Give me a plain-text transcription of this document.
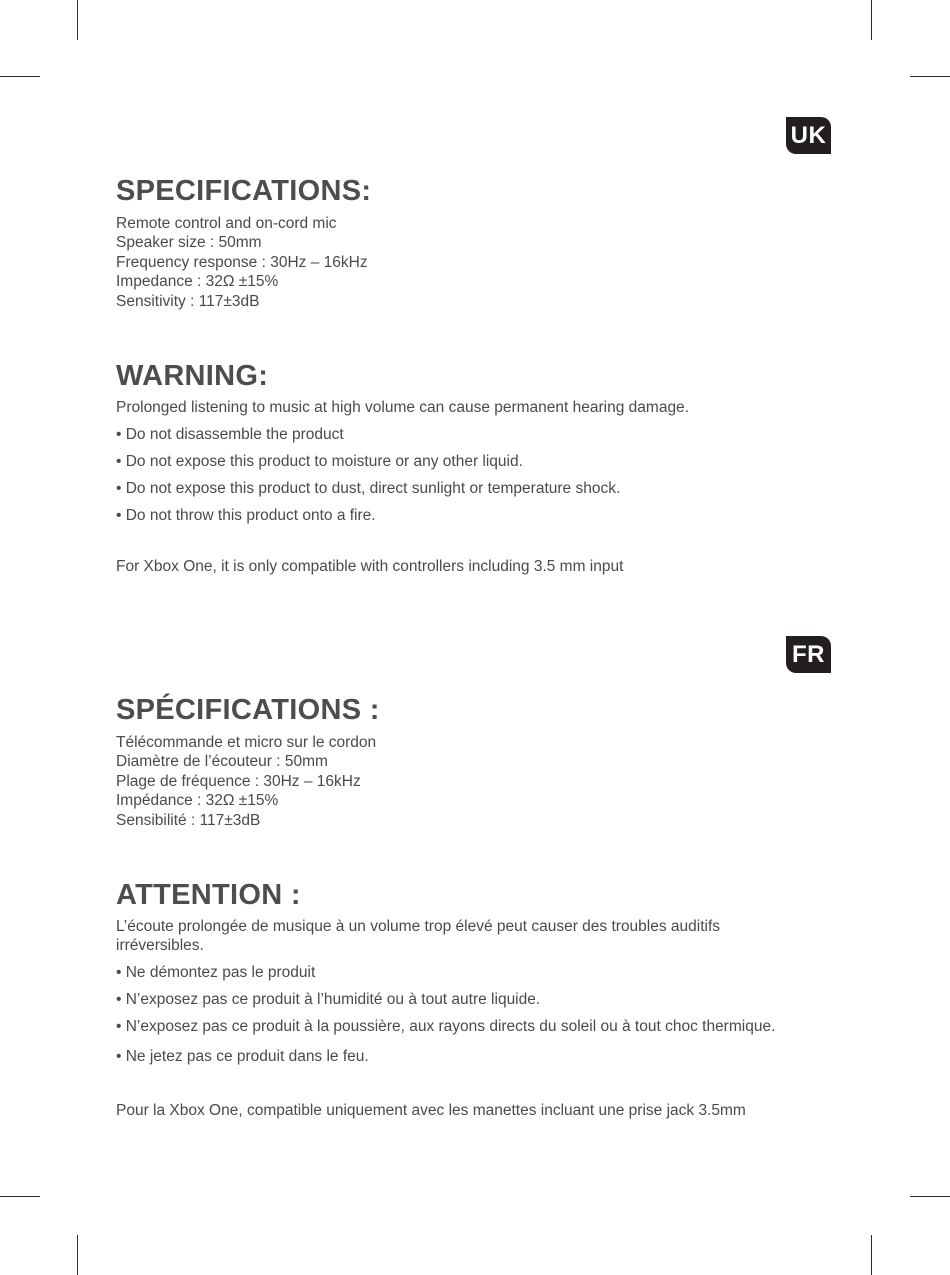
UK
SPECIFICATIONS:
Remote control and on-cord mic
Speaker size : 50mm
Frequency response : 30Hz – 16kHz
Impedance : 32Ω ±15%
Sensitivity : 117±3dB
WARNING:

Prolonged listening to music at high volume can cause permanent hearing damage.

• Do not disassemble the product
• Do not expose this product to moisture or any other liquid.
• Do not expose this product to dust, direct sunlight or temperature shock.
• Do not throw this product onto a fire.

For Xbox One, it is only compatible with controllers including 3.5 mm input

FR
SPÉCIFICATIONS :
Télécommande et micro sur le cordon
Diamètre de l’écouteur : 50mm
Plage de fréquence : 30Hz – 16kHz
Impédance : 32Ω ±15%
Sensibilité : 117±3dB
ATTENTION :

L’écoute prolongée de musique à un volume trop élevé peut causer des troubles auditifs irréversibles.

• Ne démontez pas le produit
• N’exposez pas ce produit à l’humidité ou à tout autre liquide.
• N’exposez pas ce produit à la poussière, aux rayons directs du soleil ou à tout choc thermique.
• Ne jetez pas ce produit dans le feu.

Pour la Xbox One, compatible uniquement avec les manettes incluant une prise jack 3.5mm
